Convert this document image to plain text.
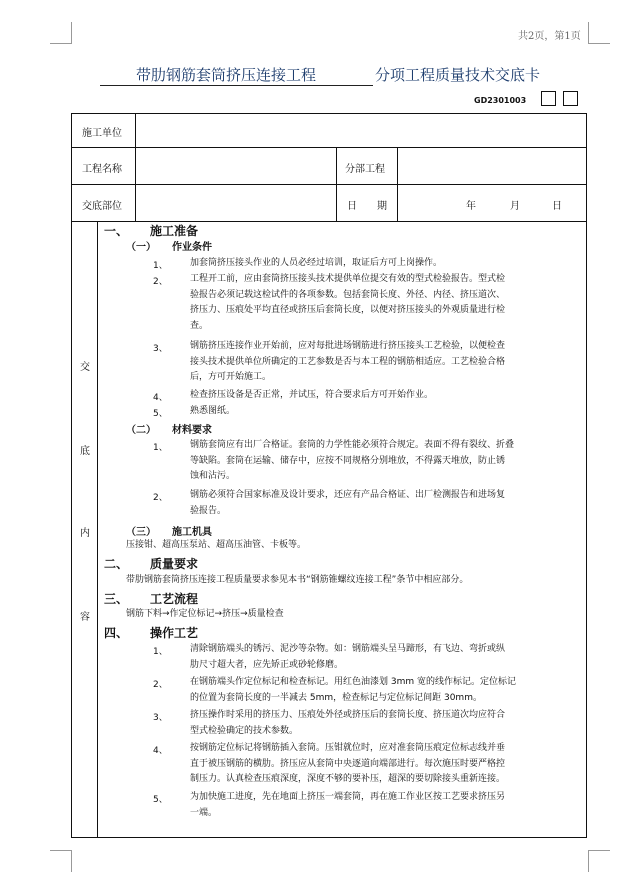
共2页，第1页
带肋钢筋套筒挤压连接工程	分项工程质量技术交底卡
GD2301003
施工单位
工程名称	分部工程
交底部位	日　　期	年	月	日
交
底
内
容
一、 施工准备
（一） 作业条件
1、 加套筒挤压接头作业的人员必经过培训，取证后方可上岗操作。
2、 工程开工前，应由套筒挤压接头技术提供单位提交有效的型式检验报告。型式检
验报告必须记载这检试件的各项参数。包括套筒长度、外径、内径、挤压道次、
挤压力、压痕处平均直径或挤压后套筒长度，以便对挤压接头的外观质量进行检
查。
3、 钢筋挤压连接作业开始前，应对每批进场钢筋进行挤压接头工艺检验，以便检查
接头技术提供单位所确定的工艺参数是否与本工程的钢筋相适应。工艺检验合格
后，方可开始施工。
4、 检查挤压设备是否正常，并试压，符合要求后方可开始作业。
5、 熟悉图纸。
（二） 材料要求
1、 钢筋套筒应有出厂合格证。套筒的力学性能必须符合规定。表面不得有裂纹、折叠
等缺陷。套筒在运输、储存中，应按不同规格分别堆放，不得露天堆放，防止锈
蚀和沾污。
2、 钢筋必须符合国家标准及设计要求，还应有产品合格证、出厂检测报告和进场复
验报告。
（三） 施工机具
压接钳、超高压泵站、超高压油管、卡板等。
二、 质量要求
带肋钢筋套筒挤压连接工程质量要求参见本书“钢筋锥螺纹连接工程”条节中相应部分。
三、 工艺流程
钢筋下料→作定位标记→挤压→质量检查
四、 操作工艺
1、 清除钢筋端头的锈污、泥沙等杂物。如：钢筋端头呈马蹄形，有飞边、弯折或纵
肋尺寸超大者，应先矫正或砂轮修磨。
2、 在钢筋端头作定位标记和检查标记。用红色油漆划 3mm 宽的线作标记。定位标记
的位置为套筒长度的一半减去 5mm，检查标记与定位标记间距 30mm。
3、 挤压操作时采用的挤压力、压痕处外径或挤压后的套筒长度、挤压道次均应符合
型式检验确定的技术参数。
4、 按钢筋定位标记将钢筋插入套筒。压钳就位时，应对准套筒压痕定位标志线并垂
直于被压钢筋的横肋。挤压应从套筒中央逐道向端部进行。每次施压时要严格控
制压力。认真检查压痕深度，深度不够的要补压，超深的要切除接头重新连接。
5、 为加快施工进度，先在地面上挤压一端套筒，再在施工作业区按工艺要求挤压另
一端。
